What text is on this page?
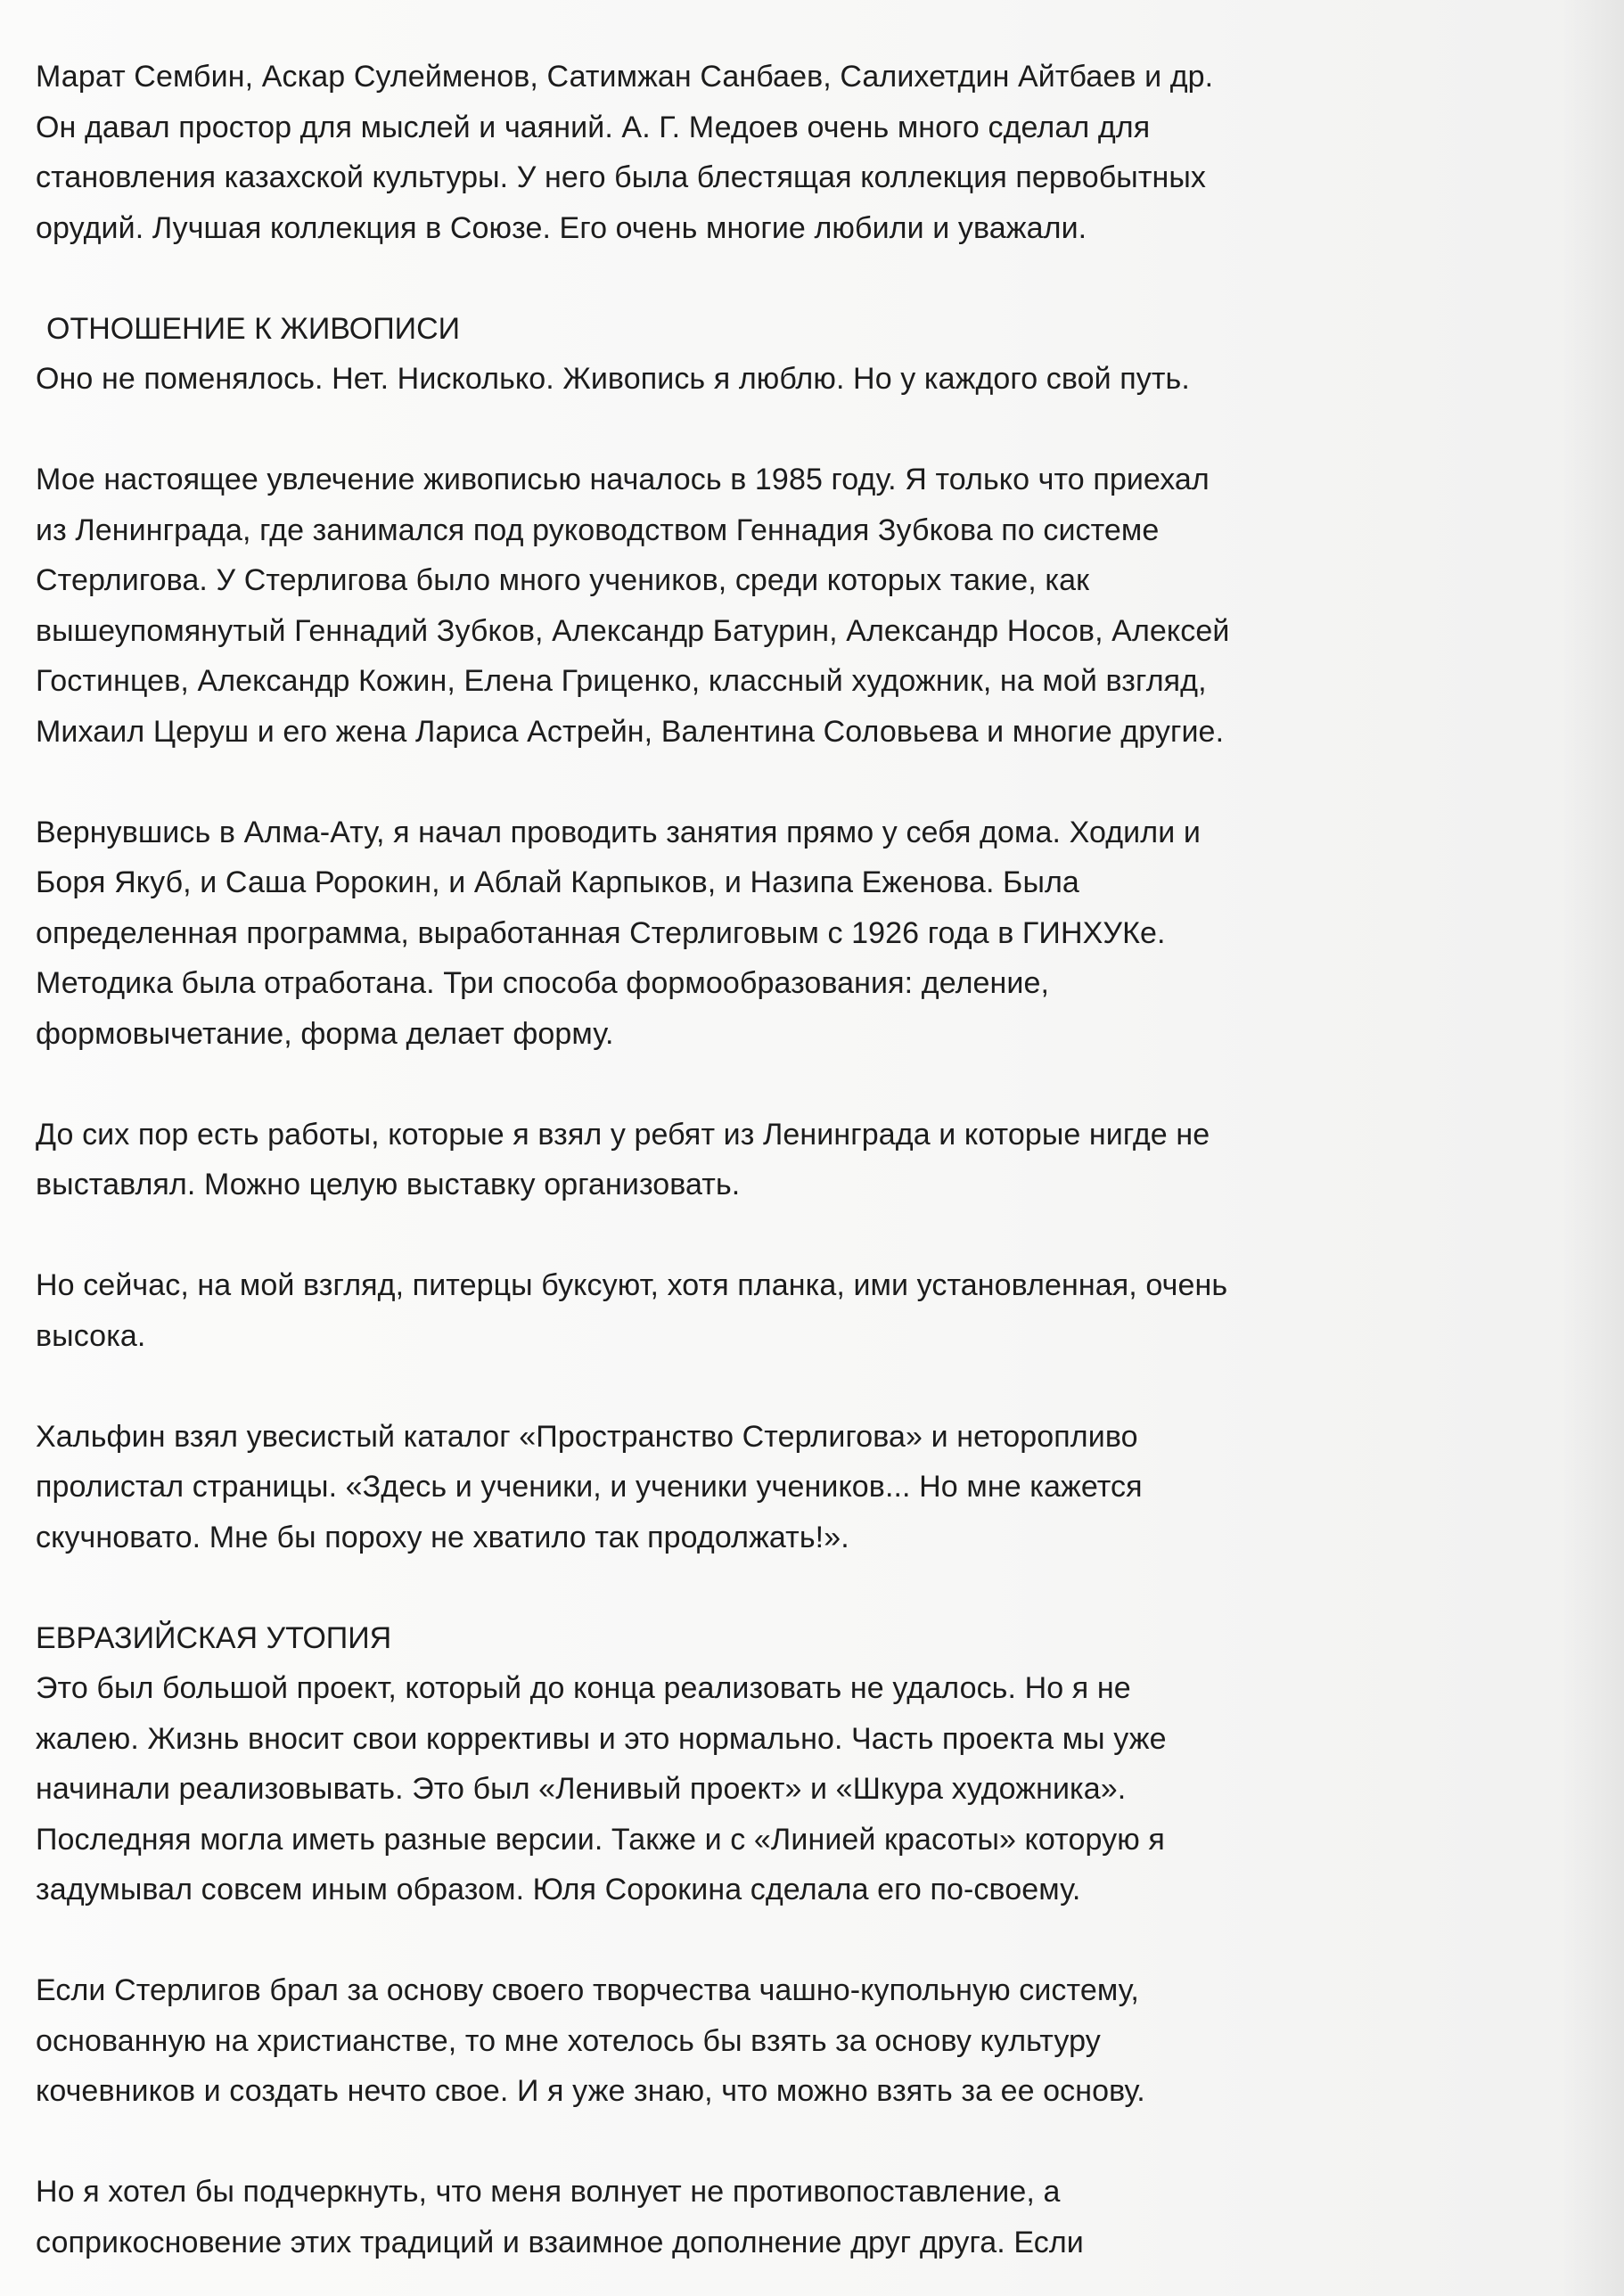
Марат Сембин, Аскар Сулейменов, Сатимжан Санбаев, Салихетдин Айтбаев и др.
Он давал простор для мыслей и чаяний. А. Г. Медоев очень много сделал для
становления казахской культуры. У него была блестящая коллекция первобытных
орудий. Лучшая коллекция в Союзе. Его очень многие любили и уважали.
ОТНОШЕНИЕ К ЖИВОПИСИ
Оно не поменялось. Нет. Нисколько. Живопись я люблю. Но у каждого свой путь.
Мое настоящее увлечение живописью началось в 1985 году. Я только что приехал
из Ленинграда, где занимался под руководством Геннадия Зубкова по системе
Стерлигова. У Стерлигова было много учеников, среди которых такие, как
вышеупомянутый Геннадий Зубков, Александр Батурин, Александр Носов, Алексей
Гостинцев, Александр Кожин, Елена Гриценко, классный художник, на мой взгляд,
Михаил Церуш и его жена Лариса Астрейн, Валентина Соловьева и многие другие.
Вернувшись в Алма-Ату, я начал проводить занятия прямо у себя дома. Ходили и
Боря Якуб, и Саша Ророкин, и Аблай Карпыков, и Назипа Еженова. Была
определенная программа, выработанная Стерлиговым с 1926 года в ГИНХУКе.
Методика была отработана. Три способа формообразования: деление,
формовычетание, форма делает форму.
До сих пор есть работы, которые я взял у ребят из Ленинграда и которые нигде не
выставлял. Можно целую выставку организовать.
Но сейчас, на мой взгляд, питерцы буксуют, хотя планка, ими установленная, очень
высока.
Хальфин взял увесистый каталог «Пространство Стерлигова» и неторопливо
пролистал страницы. «Здесь и ученики, и ученики учеников... Но мне кажется
скучновато. Мне бы пороху не хватило так продолжать!».
ЕВРАЗИЙСКАЯ УТОПИЯ
Это был большой проект, который до конца реализовать не удалось. Но я не
жалею. Жизнь вносит свои коррективы и это нормально. Часть проекта мы уже
начинали реализовывать. Это был «Ленивый проект» и «Шкура художника».
Последняя могла иметь разные версии. Также и с «Линией красоты» которую я
задумывал совсем иным образом. Юля Сорокина сделала его по-своему.
Если Стерлигов брал за основу своего творчества чашно-купольную систему,
основанную на христианстве, то мне хотелось бы взять за основу культуру
кочевников и создать нечто свое. И я уже знаю, что можно взять за ее основу.
Но я хотел бы подчеркнуть, что меня волнует не противопоставление, а
соприкосновение этих традиций и взаимное дополнение друг друга. Если
